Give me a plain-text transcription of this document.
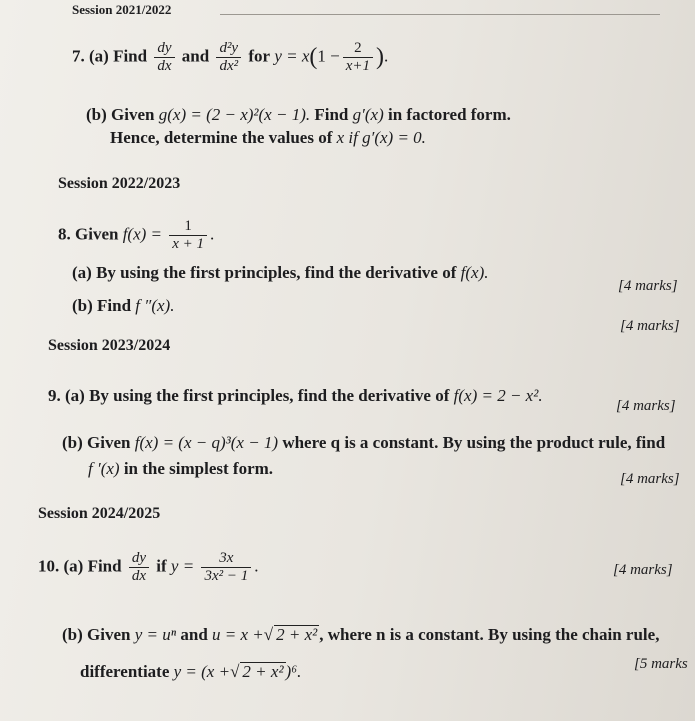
Session 2021/2022
7. (a) Find $\frac{dy}{dx}$ and $\frac{\text{d²y}}{\text{dx²}}$ for $y = x(1 - \frac{2}{x+1}$ ).
(b) Given g(x) = (2 − x)²(x − 1). Find g′(x) in factored form.
Hence, determine the values of x if g′(x) = 0.
Session 2022/2023
8. Given $f(x) = \frac{1}{x + 1}$ .
(a) By using the first principles, find the derivative of f(x).
[4 marks]
(b) Find f ″(x).
[4 marks]
Session 2023/2024
9. (a) By using the first principles, find the derivative of f(x) = 2 − x².
[4 marks]
(b) Given f(x) = (x − q)³(x − 1) where q is a constant. By using the product rule, find
f ′(x) in the simplest form.
[4 marks]
Session 2024/2025
10. (a) Find $\frac{dy}{dx}$ if $y = \frac{3x}{\text{3x² − 1}}$ .	[4 marks]
(b) Given y = uⁿ and u = x +√ 2 + x² , where n is a constant. By using the chain rule,
differentiate y = (x +√ 2 + x² )⁶.	[5 marks
